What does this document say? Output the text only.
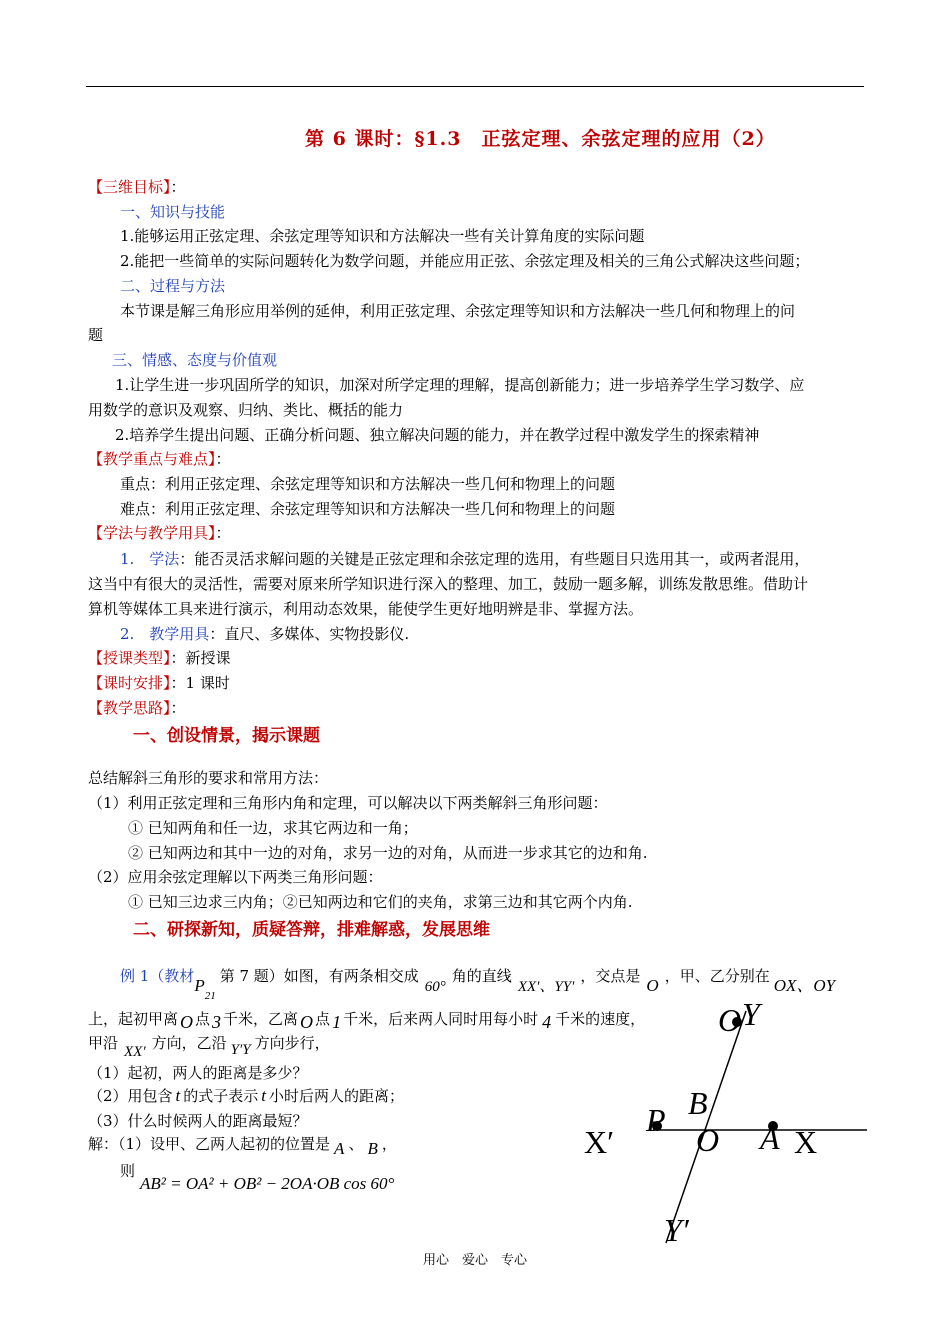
第 6 课时：§1.3　正弦定理、余弦定理的应用（2）
【三维目标】：
一、知识与技能
1.能够运用正弦定理、余弦定理等知识和方法解决一些有关计算角度的实际问题
2.能把一些简单的实际问题转化为数学问题，并能应用正弦、余弦定理及相关的三角公式解决这些问题；
二、过程与方法
本节课是解三角形应用举例的延伸，利用正弦定理、余弦定理等知识和方法解决一些几何和物理上的问
题
三、情感、态度与价值观
1.让学生进一步巩固所学的知识，加深对所学定理的理解，提高创新能力；进一步培养学生学习数学、应
用数学的意识及观察、归纳、类比、概括的能力
2.培养学生提出问题、正确分析问题、独立解决问题的能力，并在教学过程中激发学生的探索精神
【教学重点与难点】：
重点：利用正弦定理、余弦定理等知识和方法解决一些几何和物理上的问题
难点：利用正弦定理、余弦定理等知识和方法解决一些几何和物理上的问题
【学法与教学用具】：
1.　学法：能否灵活求解问题的关键是正弦定理和余弦定理的选用，有些题目只选用其一，或两者混用，
这当中有很大的灵活性，需要对原来所学知识进行深入的整理、加工，鼓励一题多解，训练发散思维。借助计
算机等媒体工具来进行演示，利用动态效果，能使学生更好地明辨是非、掌握方法。
2.　教学用具：直尺、多媒体、实物投影仪.
【授课类型】：新授课
【课时安排】：1 课时
【教学思路】：
一、创设情景，揭示课题
总结解斜三角形的要求和常用方法：
（1）利用正弦定理和三角形内角和定理，可以解决以下两类解斜三角形问题：
① 已知两角和任一边，求其它两边和一角；
② 已知两边和其中一边的对角，求另一边的对角，从而进一步求其它的边和角.
（2）应用余弦定理解以下两类三角形问题：
① 已知三边求三内角；②已知两边和它们的夹角，求第三边和其它两个内角.
二、研探新知，质疑答辩，排难解惑，发展思维
例 1（教材$P_{21}$第 7 题）如图，有两条相交成60°角的直线XX′、YY′，交点是 O ，甲、乙分别在 OX、OY
上，起初甲离 O 点 3 千米，乙离 O 点 1 千米，后来两人同时用每小时 4 千米的速度，
甲沿 XX′ 方向，乙沿 Y′Y 方向步行，
（1）起初，两人的距离是多少？
（2）用包含 t 的式子表示 t 小时后两人的距离；
（3）什么时候两人的距离最短？
解：（1）设甲、乙两人起初的位置是 A 、 B ，
则
AB² = OA² + OB² − 2OA·OB cos 60°
O Y
B
P
X′	O A X
Y′
用心　爱心　专心
